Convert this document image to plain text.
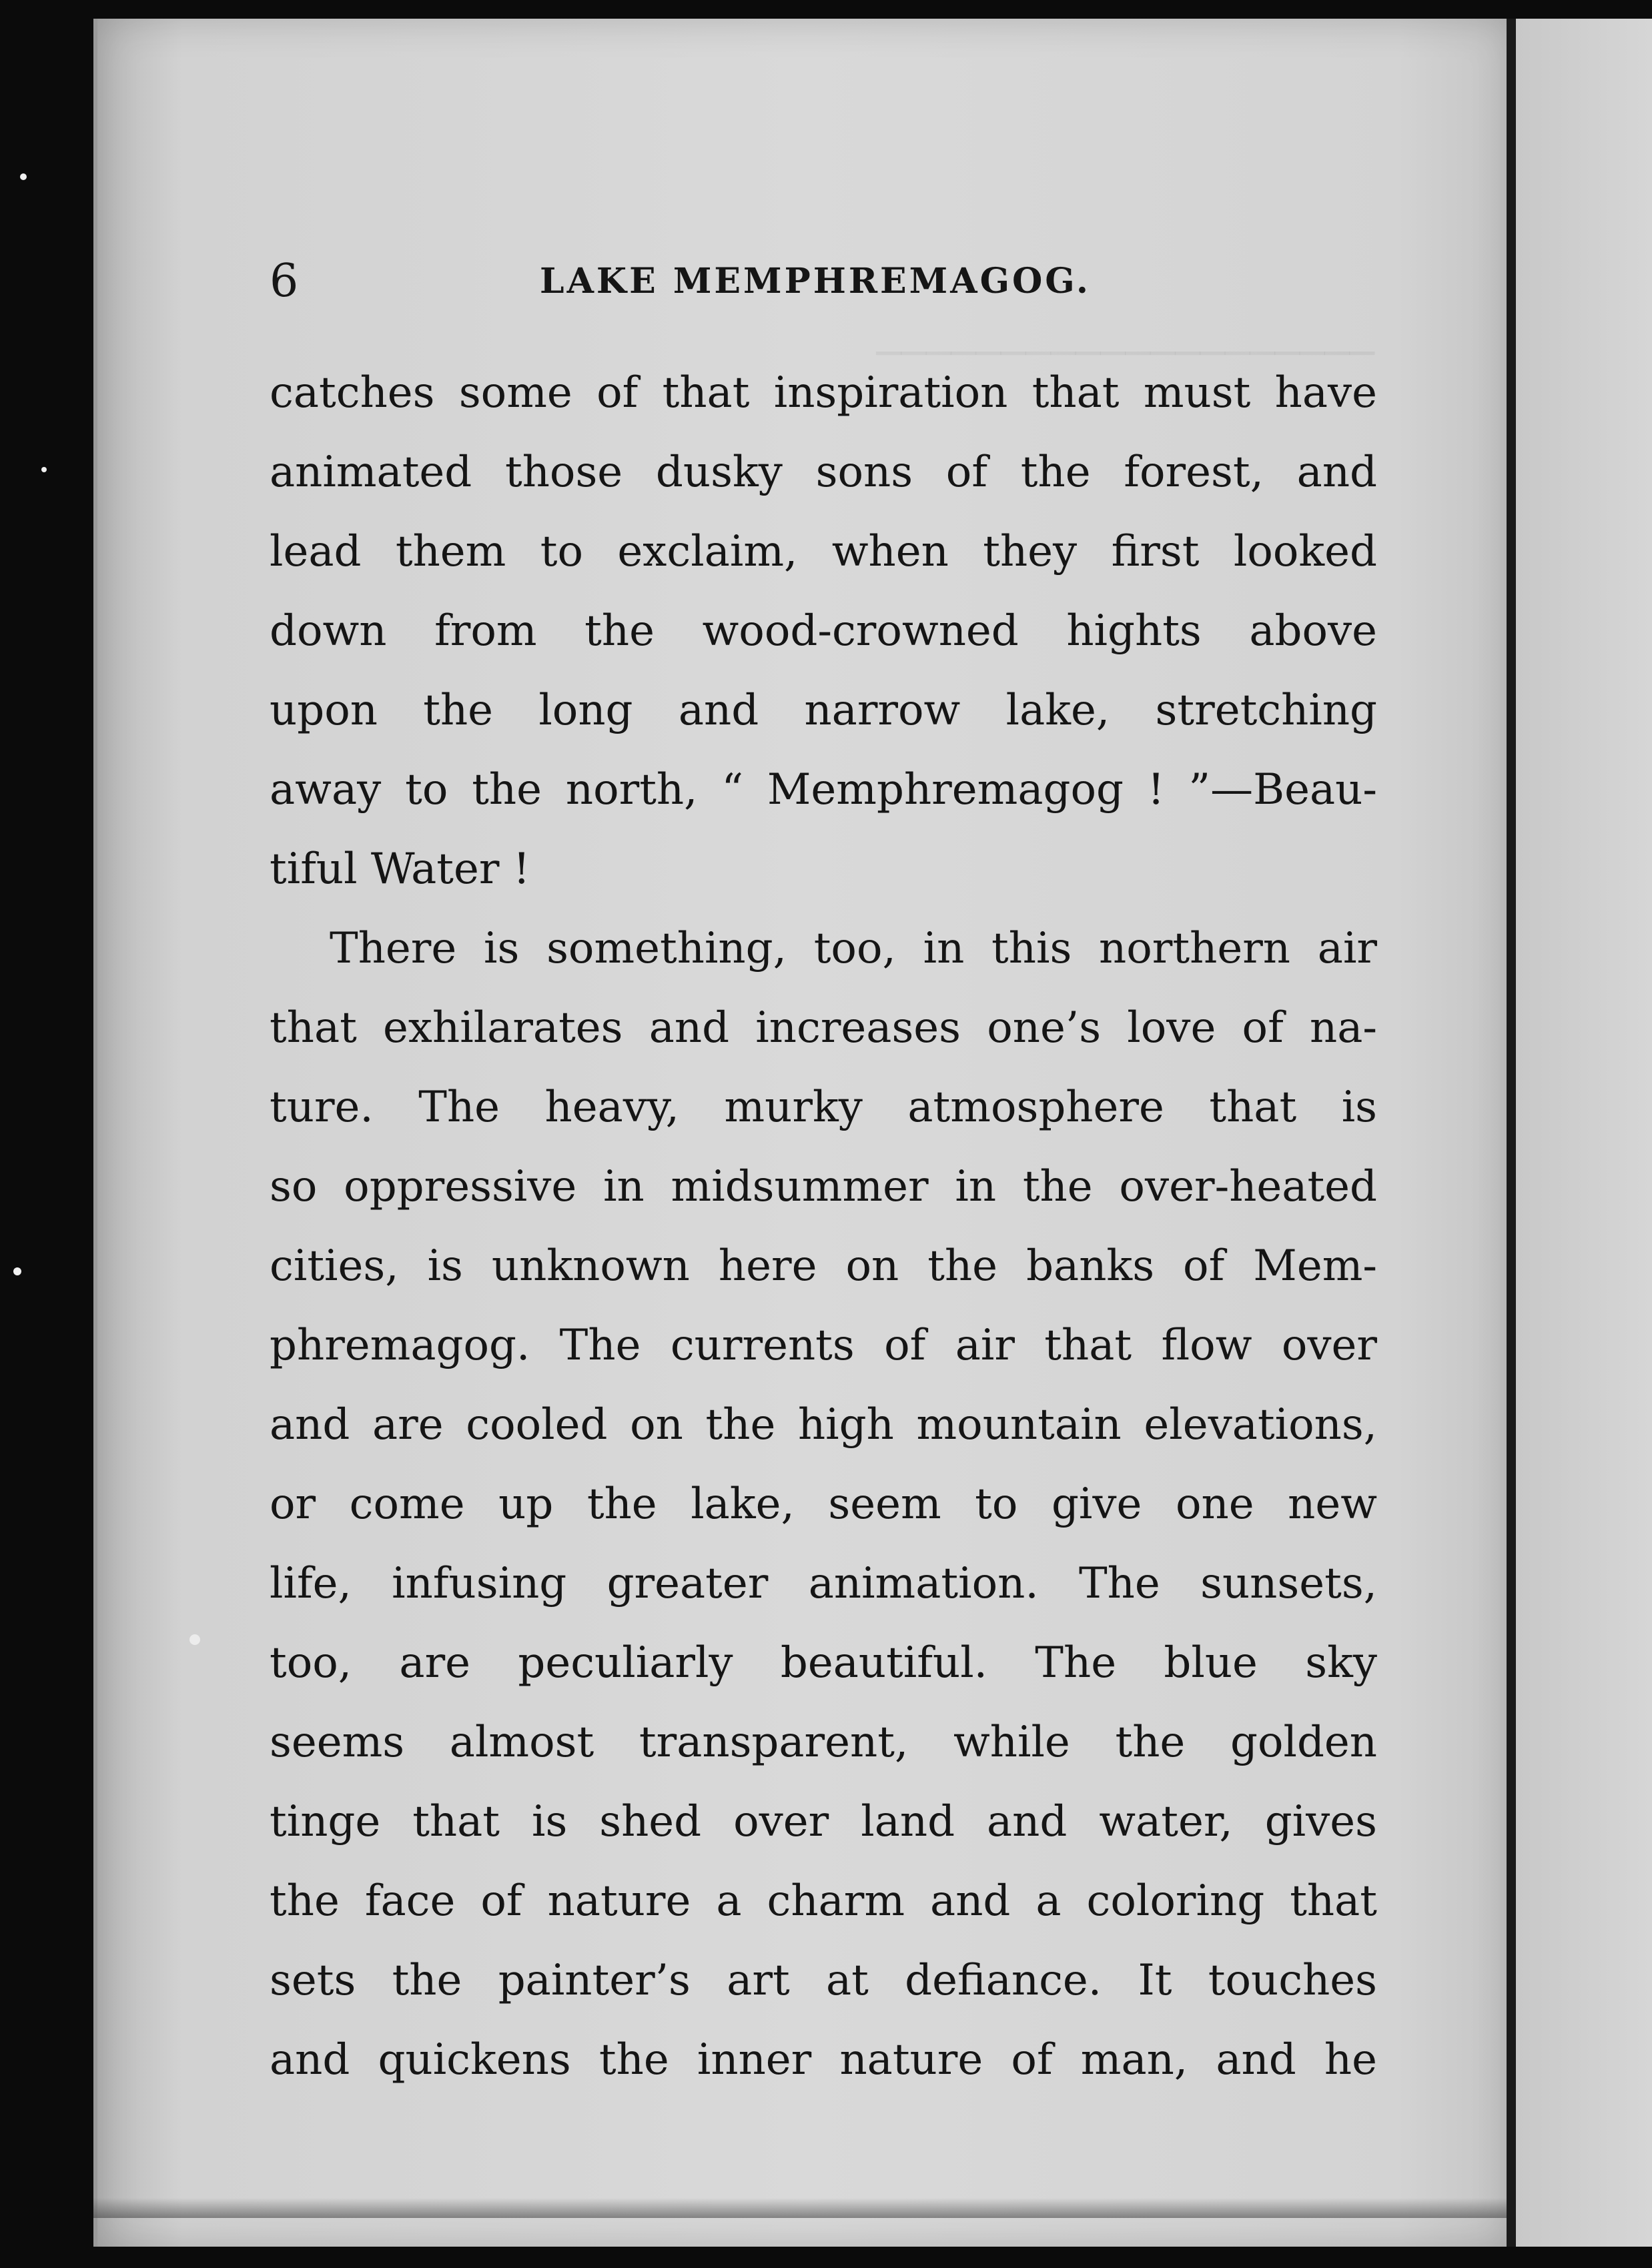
6	LAKE MEMPHREMAGOG.
catches some of that inspiration that must have
animated those dusky sons of the forest, and
lead them to exclaim, when they first looked
down from the wood-crowned hights above
upon the long and narrow lake, stretching
away to the north, “ Memphremagog ! ”—Beau-
tiful Water !
There is something, too, in this northern air
that exhilarates and increases one’s love of na-
ture. The heavy, murky atmosphere that is
so oppressive in midsummer in the over-heated
cities, is unknown here on the banks of Mem-
phremagog. The currents of air that flow over
and are cooled on the high mountain elevations,
or come up the lake, seem to give one new
life, infusing greater animation. The sunsets,
too, are peculiarly beautiful. The blue sky
seems almost transparent, while the golden
tinge that is shed over land and water, gives
the face of nature a charm and a coloring that
sets the painter’s art at defiance. It touches
and quickens the inner nature of man, and he
